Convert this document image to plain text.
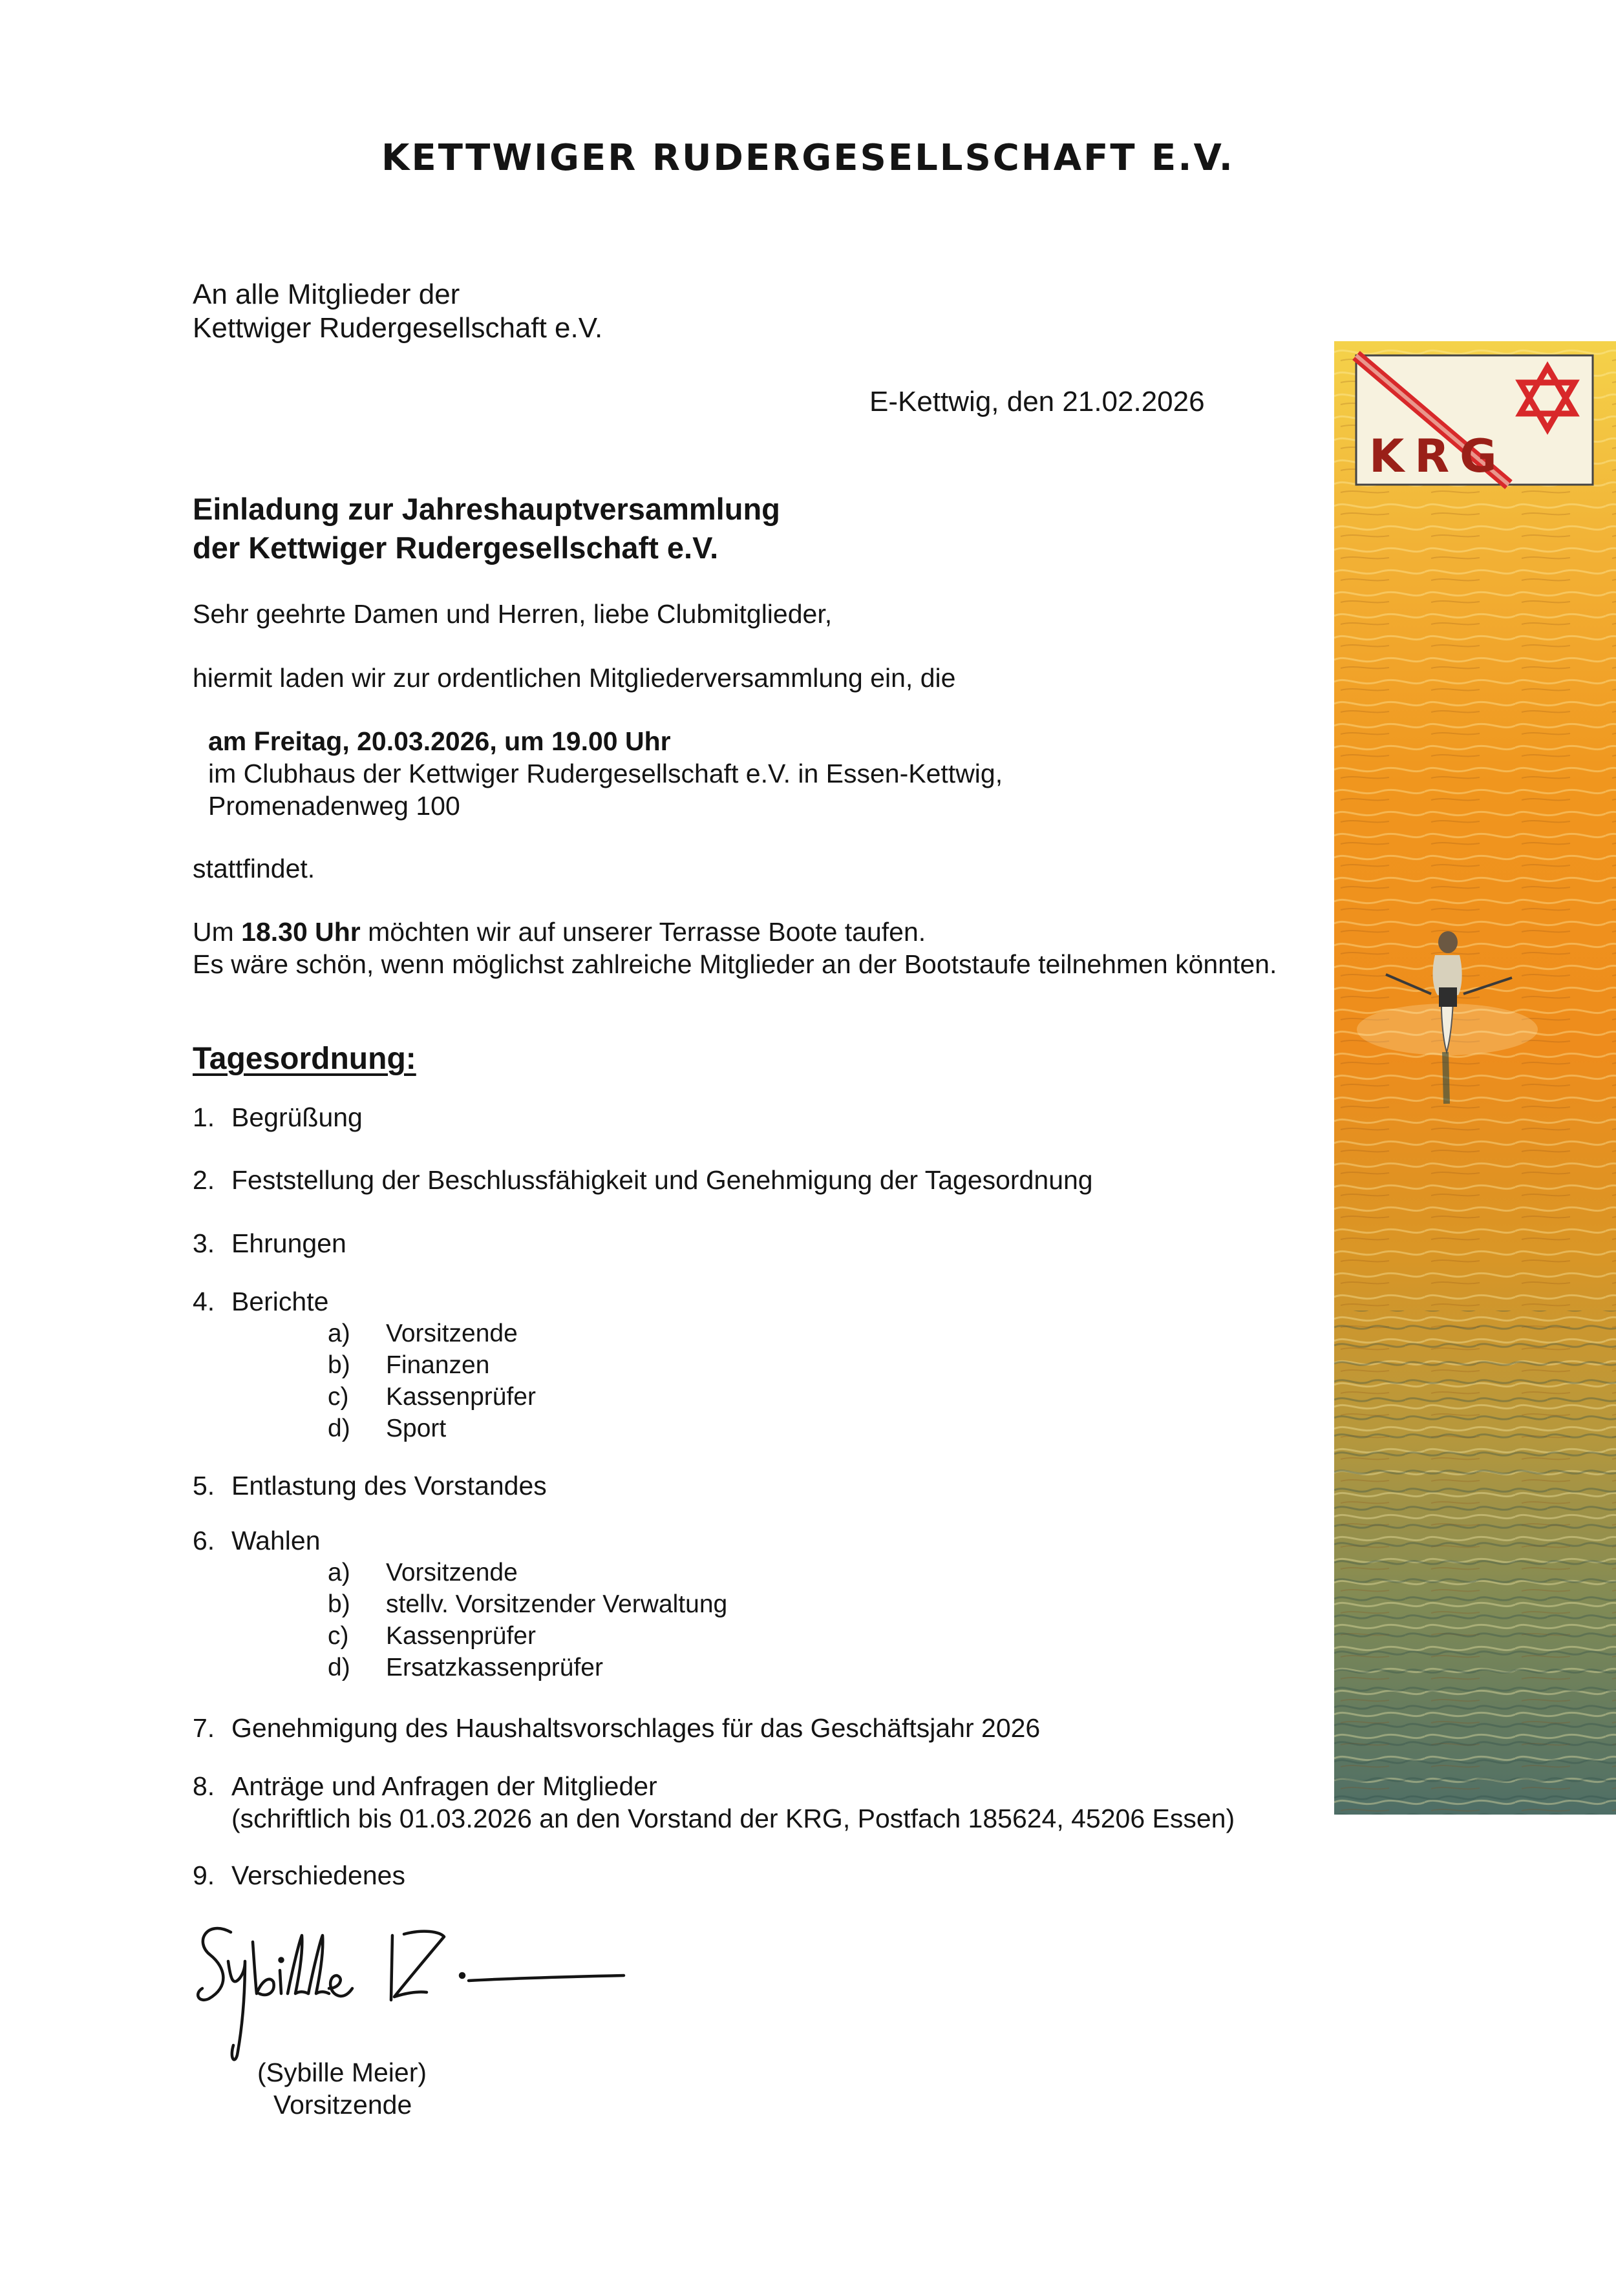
KETTWIGER RUDERGESELLSCHAFT E.V.
An alle Mitglieder der
Kettwiger Rudergesellschaft e.V.
E-Kettwig, den 21.02.2026
Einladung zur Jahreshauptversammlung
der Kettwiger Rudergesellschaft e.V.
Sehr geehrte Damen und Herren, liebe Clubmitglieder,
hiermit laden wir zur ordentlichen Mitgliederversammlung ein, die
am Freitag, 20.03.2026, um 19.00 Uhr
im Clubhaus der Kettwiger Rudergesellschaft e.V. in Essen-Kettwig,
Promenadenweg 100
stattfindet.
Um 18.30 Uhr möchten wir auf unserer Terrasse Boote taufen.
Es wäre schön, wenn möglichst zahlreiche Mitglieder an der Bootstaufe teilnehmen könnten.
Tagesordnung:
1. Begrüßung
2. Feststellung der Beschlussfähigkeit und Genehmigung der Tagesordnung
3. Ehrungen
4. Berichte
a) Vorsitzende
b) Finanzen
c) Kassenprüfer
d) Sport
5. Entlastung des Vorstandes
6. Wahlen
a) Vorsitzende
b) stellv. Vorsitzender Verwaltung
c) Kassenprüfer
d) Ersatzkassenprüfer
7. Genehmigung des Haushaltsvorschlages für das Geschäftsjahr 2026
8. Anträge und Anfragen der Mitglieder
(schriftlich bis 01.03.2026 an den Vorstand der KRG, Postfach 185624, 45206 Essen)
9. Verschiedenes
(Sybille Meier)
Vorsitzende
KRG
